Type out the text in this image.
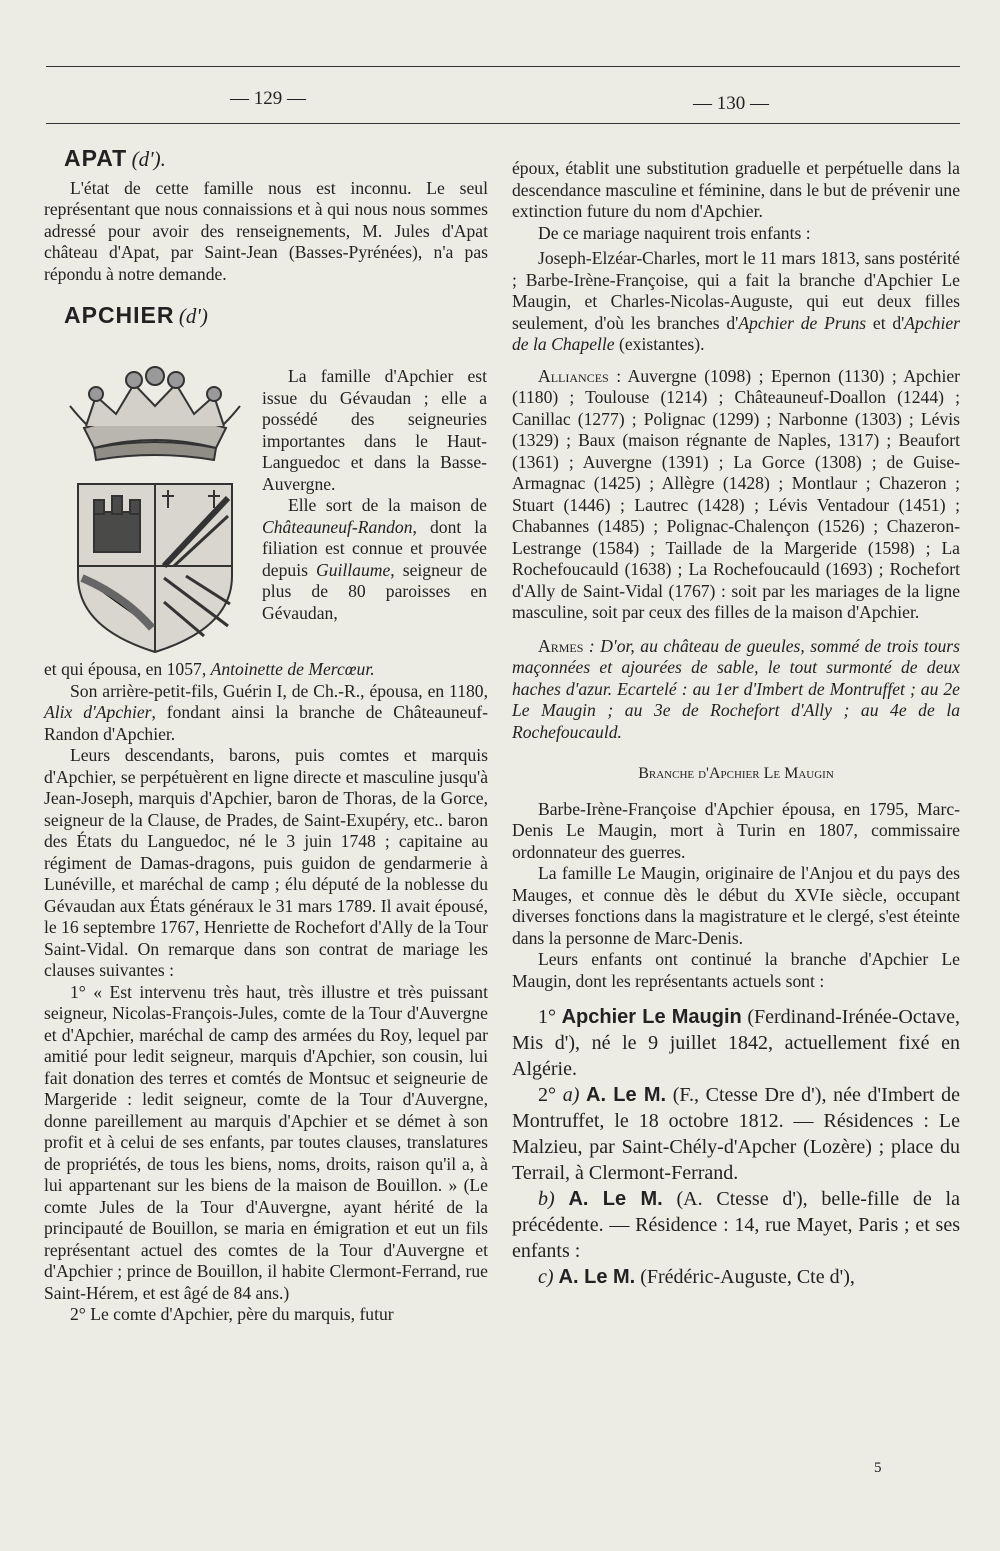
— 129 —	— 130 —
APAT (d').

L'état de cette famille nous est inconnu. Le seul représentant que nous connaissions et à qui nous nous sommes adressé pour avoir des renseignements, M. Jules d'Apat château d'Apat, par Saint-Jean (Basses-Pyrénées), n'a pas répondu à notre demande.

APCHIER (d')

La famille d'Apchier est issue du Gévaudan ; elle a possédé des seigneuries importantes dans le Haut-Languedoc et dans la Basse-Auvergne.

Elle sort de la maison de Châteauneuf-Randon, dont la filiation est connue et prouvée depuis Guillaume, seigneur de plus de 80 paroisses en Gévaudan,

et qui épousa, en 1057, Antoinette de Mercœur.

Son arrière-petit-fils, Guérin I, de Ch.-R., épousa, en 1180, Alix d'Apchier, fondant ainsi la branche de Châteauneuf-Randon d'Apchier.

Leurs descendants, barons, puis comtes et marquis d'Apchier, se perpétuèrent en ligne directe et masculine jusqu'à Jean-Joseph, marquis d'Apchier, baron de Thoras, de la Gorce, seigneur de la Clause, de Prades, de Saint-Exupéry, etc.. baron des États du Languedoc, né le 3 juin 1748 ; capitaine au régiment de Damas-dragons, puis guidon de gendarmerie à Lunéville, et maréchal de camp ; élu député de la noblesse du Gévaudan aux États généraux le 31 mars 1789. Il avait épousé, le 16 septembre 1767, Henriette de Rochefort d'Ally de la Tour Saint-Vidal. On remarque dans son contrat de mariage les clauses suivantes :

1° « Est intervenu très haut, très illustre et très puissant seigneur, Nicolas-François-Jules, comte de la Tour d'Auvergne et d'Apchier, maréchal de camp des armées du Roy, lequel par amitié pour ledit seigneur, marquis d'Apchier, son cousin, lui fait donation des terres et comtés de Montsuc et seigneurie de Margeride : ledit seigneur, comte de la Tour d'Auvergne, donne pareillement au marquis d'Apchier et se démet à son profit et à celui de ses enfants, par toutes clauses, translatures de propriétés, de tous les biens, noms, droits, raison qu'il a, à lui appartenant sur les biens de la maison de Bouillon. » (Le comte Jules de la Tour d'Auvergne, ayant hérité de la principauté de Bouillon, se maria en émigration et eut un fils représentant actuel des comtes de la Tour d'Auvergne et d'Apchier ; prince de Bouillon, il habite Clermont-Ferrand, rue Saint-Hérem, et est âgé de 84 ans.)

2° Le comte d'Apchier, père du marquis, futur

époux, établit une substitution graduelle et perpétuelle dans la descendance masculine et féminine, dans le but de prévenir une extinction future du nom d'Apchier.

De ce mariage naquirent trois enfants :

Joseph-Elzéar-Charles, mort le 11 mars 1813, sans postérité ; Barbe-Irène-Françoise, qui a fait la branche d'Apchier Le Maugin, et Charles-Nicolas-Auguste, qui eut deux filles seulement, d'où les branches d'Apchier de Pruns et d'Apchier de la Chapelle (existantes).

Alliances : Auvergne (1098) ; Epernon (1130) ; Apchier (1180) ; Toulouse (1214) ; Châteauneuf-Doallon (1244) ; Canillac (1277) ; Polignac (1299) ; Narbonne (1303) ; Lévis (1329) ; Baux (maison régnante de Naples, 1317) ; Beaufort (1361) ; Auvergne (1391) ; La Gorce (1308) ; de Guise-Armagnac (1425) ; Allègre (1428) ; Montlaur ; Chazeron ; Stuart (1446) ; Lautrec (1428) ; Lévis Ventadour (1451) ; Chabannes (1485) ; Polignac-Chalençon (1526) ; Chazeron-Lestrange (1584) ; Taillade de la Margeride (1598) ; La Rochefoucauld (1638) ; La Rochefoucauld (1693) ; Rochefort d'Ally de Saint-Vidal (1767) : soit par les mariages de la ligne masculine, soit par ceux des filles de la maison d'Apchier.

Armes : D'or, au château de gueules, sommé de trois tours maçonnées et ajourées de sable, le tout surmonté de deux haches d'azur. Ecartelé : au 1er d'Imbert de Montruffet ; au 2e Le Maugin ; au 3e de Rochefort d'Ally ; au 4e de la Rochefoucauld.

Branche d'Apchier Le Maugin

Barbe-Irène-Françoise d'Apchier épousa, en 1795, Marc-Denis Le Maugin, mort à Turin en 1807, commissaire ordonnateur des guerres.

La famille Le Maugin, originaire de l'Anjou et du pays des Mauges, et connue dès le début du XVIe siècle, occupant diverses fonctions dans la magistrature et le clergé, s'est éteinte dans la personne de Marc-Denis.

Leurs enfants ont continué la branche d'Apchier Le Maugin, dont les représentants actuels sont :

1° Apchier Le Maugin (Ferdinand-Irénée-Octave, Mis d'), né le 9 juillet 1842, actuellement fixé en Algérie.

2° a) A. Le M. (F., Ctesse Dre d'), née d'Imbert de Montruffet, le 18 octobre 1812. — Résidences : Le Malzieu, par Saint-Chély-d'Apcher (Lozère) ; place du Terrail, à Clermont-Ferrand.

b) A. Le M. (A. Ctesse d'), belle-fille de la précédente. — Résidence : 14, rue Mayet, Paris ; et ses enfants :

c) A. Le M. (Frédéric-Auguste, Cte d'),

5
